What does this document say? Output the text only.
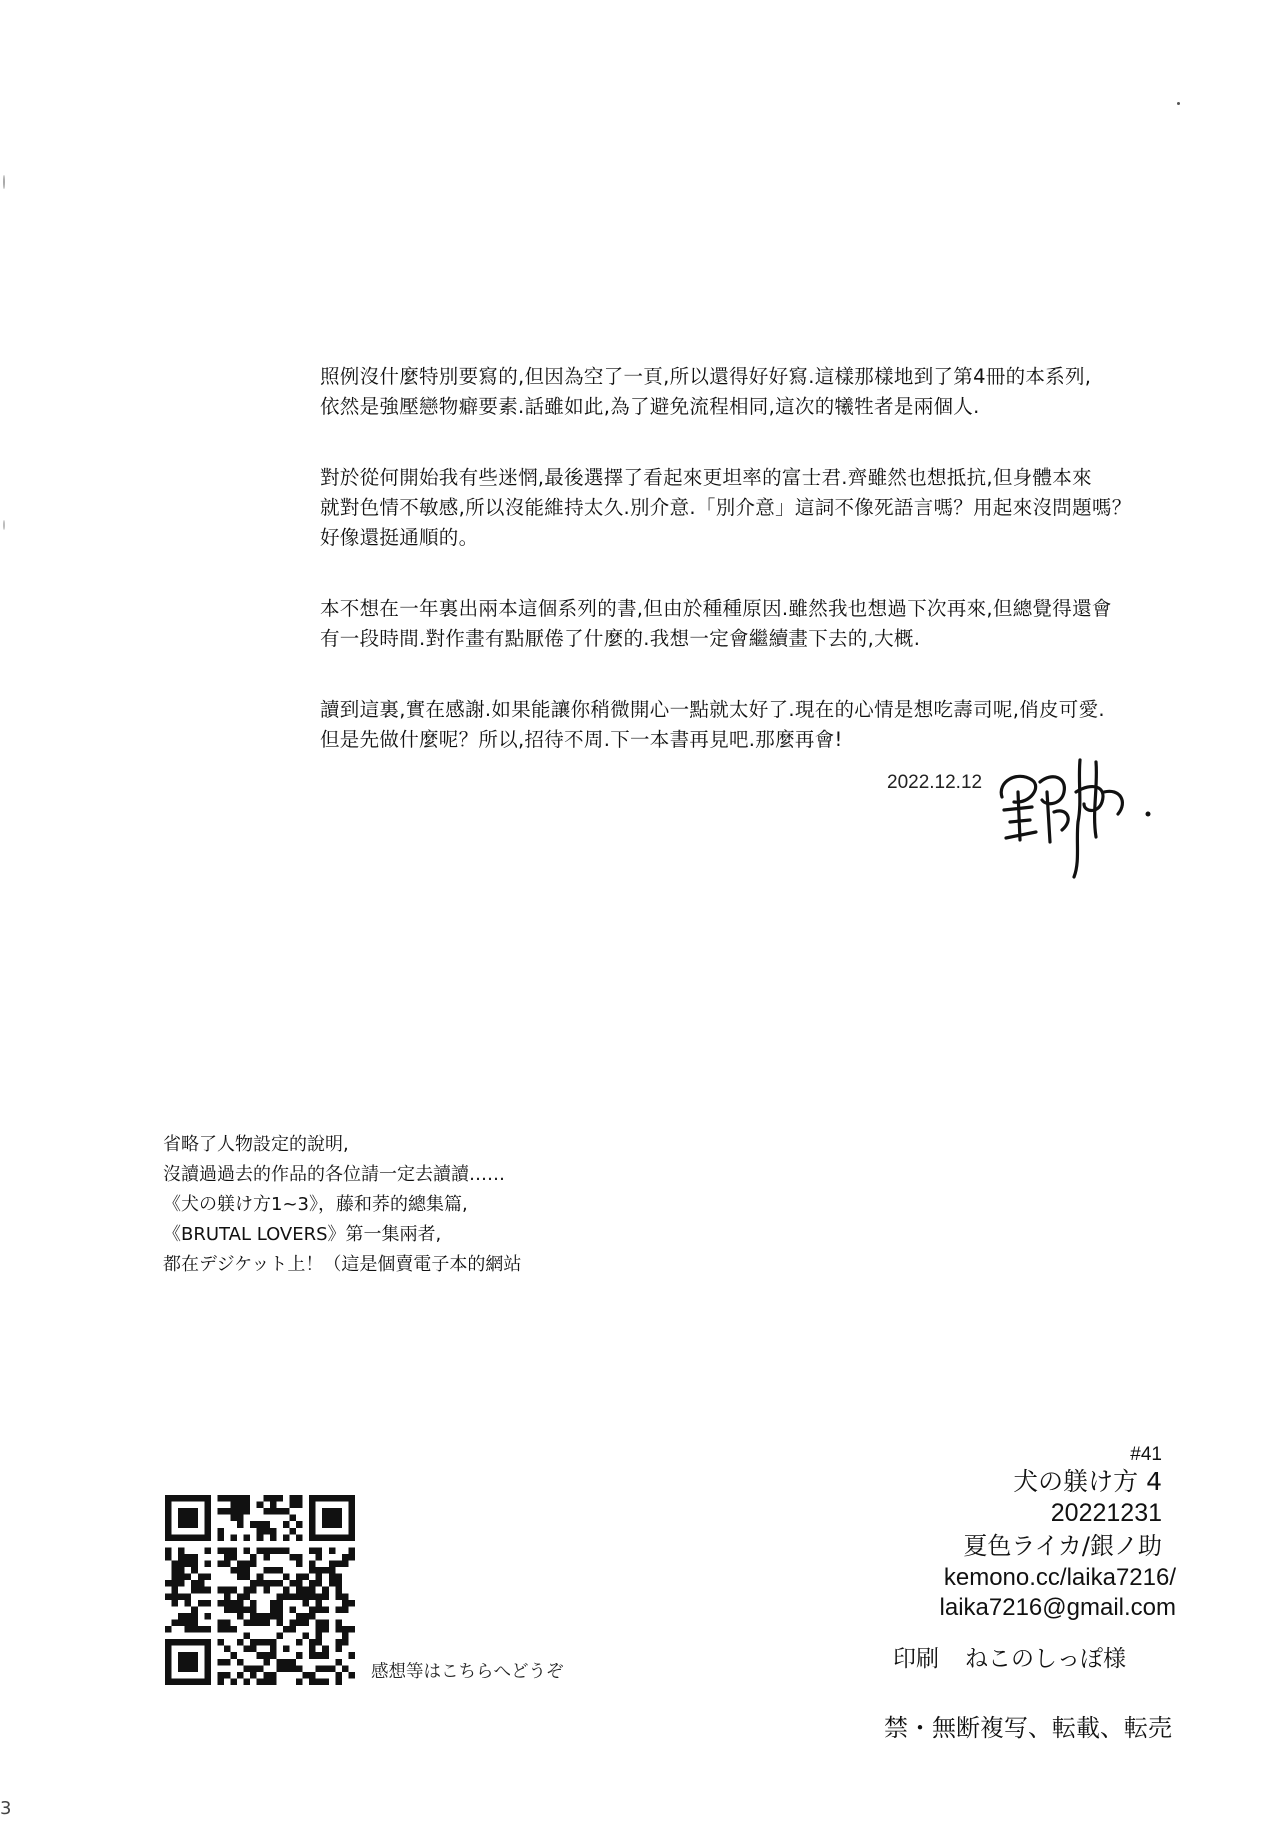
照例沒什麼特別要寫的,但因為空了一頁,所以還得好好寫.這樣那樣地到了第4冊的本系列,
依然是強壓戀物癖要素.話雖如此,為了避免流程相同,這次的犧牲者是兩個人.

對於從何開始我有些迷惘,最後選擇了看起來更坦率的富士君.齊雖然也想抵抗,但身體本來
就對色情不敏感,所以沒能維持太久.別介意.「別介意」這詞不像死語言嗎？用起來沒問題嗎？
好像還挺通順的。

本不想在一年裏出兩本這個系列的書,但由於種種原因.雖然我也想過下次再來,但總覺得還會
有一段時間.對作畫有點厭倦了什麼的.我想一定會繼續畫下去的,大概.

讀到這裏,實在感謝.如果能讓你稍微開心一點就太好了.現在的心情是想吃壽司呢,俏皮可愛.
但是先做什麼呢？所以,招待不周.下一本書再見吧.那麼再會!

2022.12.12
省略了人物設定的說明,
沒讀過過去的作品的各位請一定去讀讀……
《犬の躾け方1~3》，藤和荞的總集篇,
《BRUTAL LOVERS》第一集兩者,
都在デジケット上！（這是個賣電子本的網站
感想等はこちらへどうぞ
#41
犬の躾け方 4
20221231
夏色ライカ/銀ノ助
kemono.cc/laika7216/
laika7216@gmail.com
印刷 ねこのしっぽ様
禁・無断複写、転載、転売
3
